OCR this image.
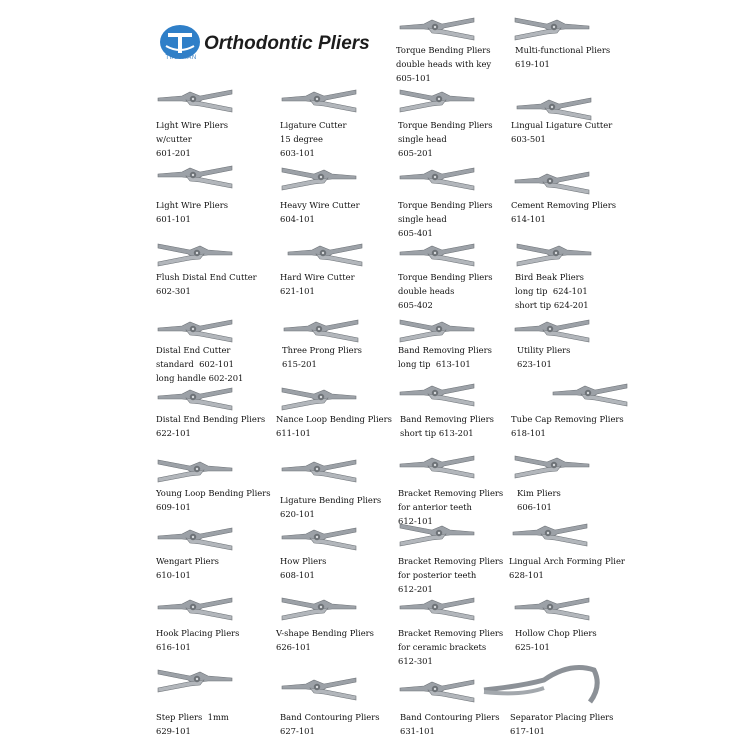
TIANTIAN
Orthodontic Pliers	Torque Bending Pliers
double heads with key
605-101
Multi-functional Pliers
619-101
Light Wire Pliers
w/cutter
601-201
Ligature Cutter
15 degree
603-101
Torque Bending Pliers
single head
605-201
Lingual Ligature Cutter
603-501
Light Wire Pliers
601-101
Heavy Wire Cutter
604-101
Torque Bending Pliers
single head
605-401
Cement Removing Pliers
614-101
Flush Distal End Cutter
602-301
Hard Wire Cutter
621-101
Torque Bending Pliers
double heads
605-402
Bird Beak Pliers
long tip  624-101
short tip 624-201
Distal End Cutter
standard  602-101
long handle 602-201
Three Prong Pliers
615-201
Band Removing Pliers
long tip  613-101
Utility Pliers
623-101
Distal End Bending Pliers
622-101
Nance Loop Bending Pliers
611-101
Band Removing Pliers
short tip 613-201
Tube Cap Removing Pliers
618-101
Young Loop Bending Pliers
609-101
Ligature Bending Pliers
620-101
Bracket Removing Pliers
for anterior teeth
612-101
Kim Pliers
606-101
Wengart Pliers
610-101
How Pliers
608-101
Bracket Removing Pliers
for posterior teeth
612-201
Lingual Arch Forming Plier
628-101
Hook Placing Pliers
616-101
V-shape Bending Pliers
626-101
Bracket Removing Pliers
for ceramic brackets
612-301
Hollow Chop Pliers
625-101
Step Pliers  1mm
629-101
Band Contouring Pliers
627-101
Band Contouring Pliers
631-101
Separator Placing Pliers
617-101
